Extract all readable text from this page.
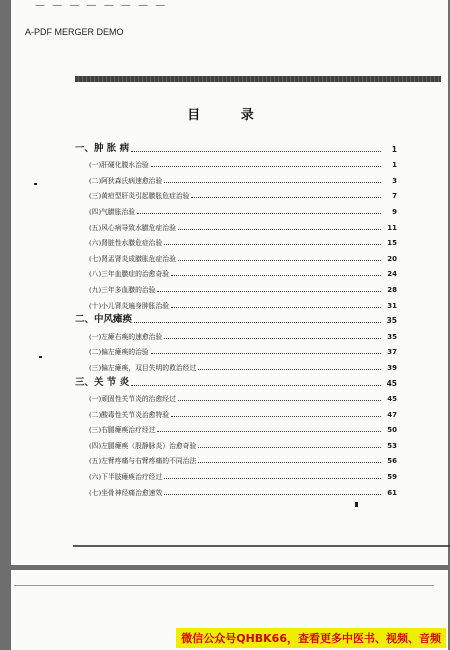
— — — — — — — —
A-PDF MERGER DEMO
目 录
一、肿 胀 病	1
(一)肝硬化腹水治验	1
(二)阿狄森氏病速愈治验	3
(三)黄疸型肝炎引起臌胀危症治验	7
(四)气臌胀治验	9
(五)风心病导致水臌危症治验	11
(六)肾脏性水臌危症治验	15
(七)肾盂肾炎成臌胀危症治验	20
(八)三年血臌症的治愈奇验	24
(九)三年多血臌的治验	28
(十)小儿肾炎遍身肿胀治验	31
二、中风瘫痪	35
(一)左瘫右痪的速愈治验	35
(二)偏左瘫痪的治验	37
(三)偏左瘫痪，双目失明的救治经过	39
三、关 节 炎	45
(一)顽固性关节炎的治愈经过	45
(二)酸毒性关节炎治愈特验	47
(三)右腿瘫痪治疗经过	50
(四)左腿瘫痪（股静脉炎）治愈奇验	53
(五)左臂疼痛与右臂疼痛的不同治法	56
(六)下半肢瘫痪治疗经过	59
(七)坐骨神经痛治愈速效	61
微信公众号QHBK66，查看更多中医书、视频、音频
